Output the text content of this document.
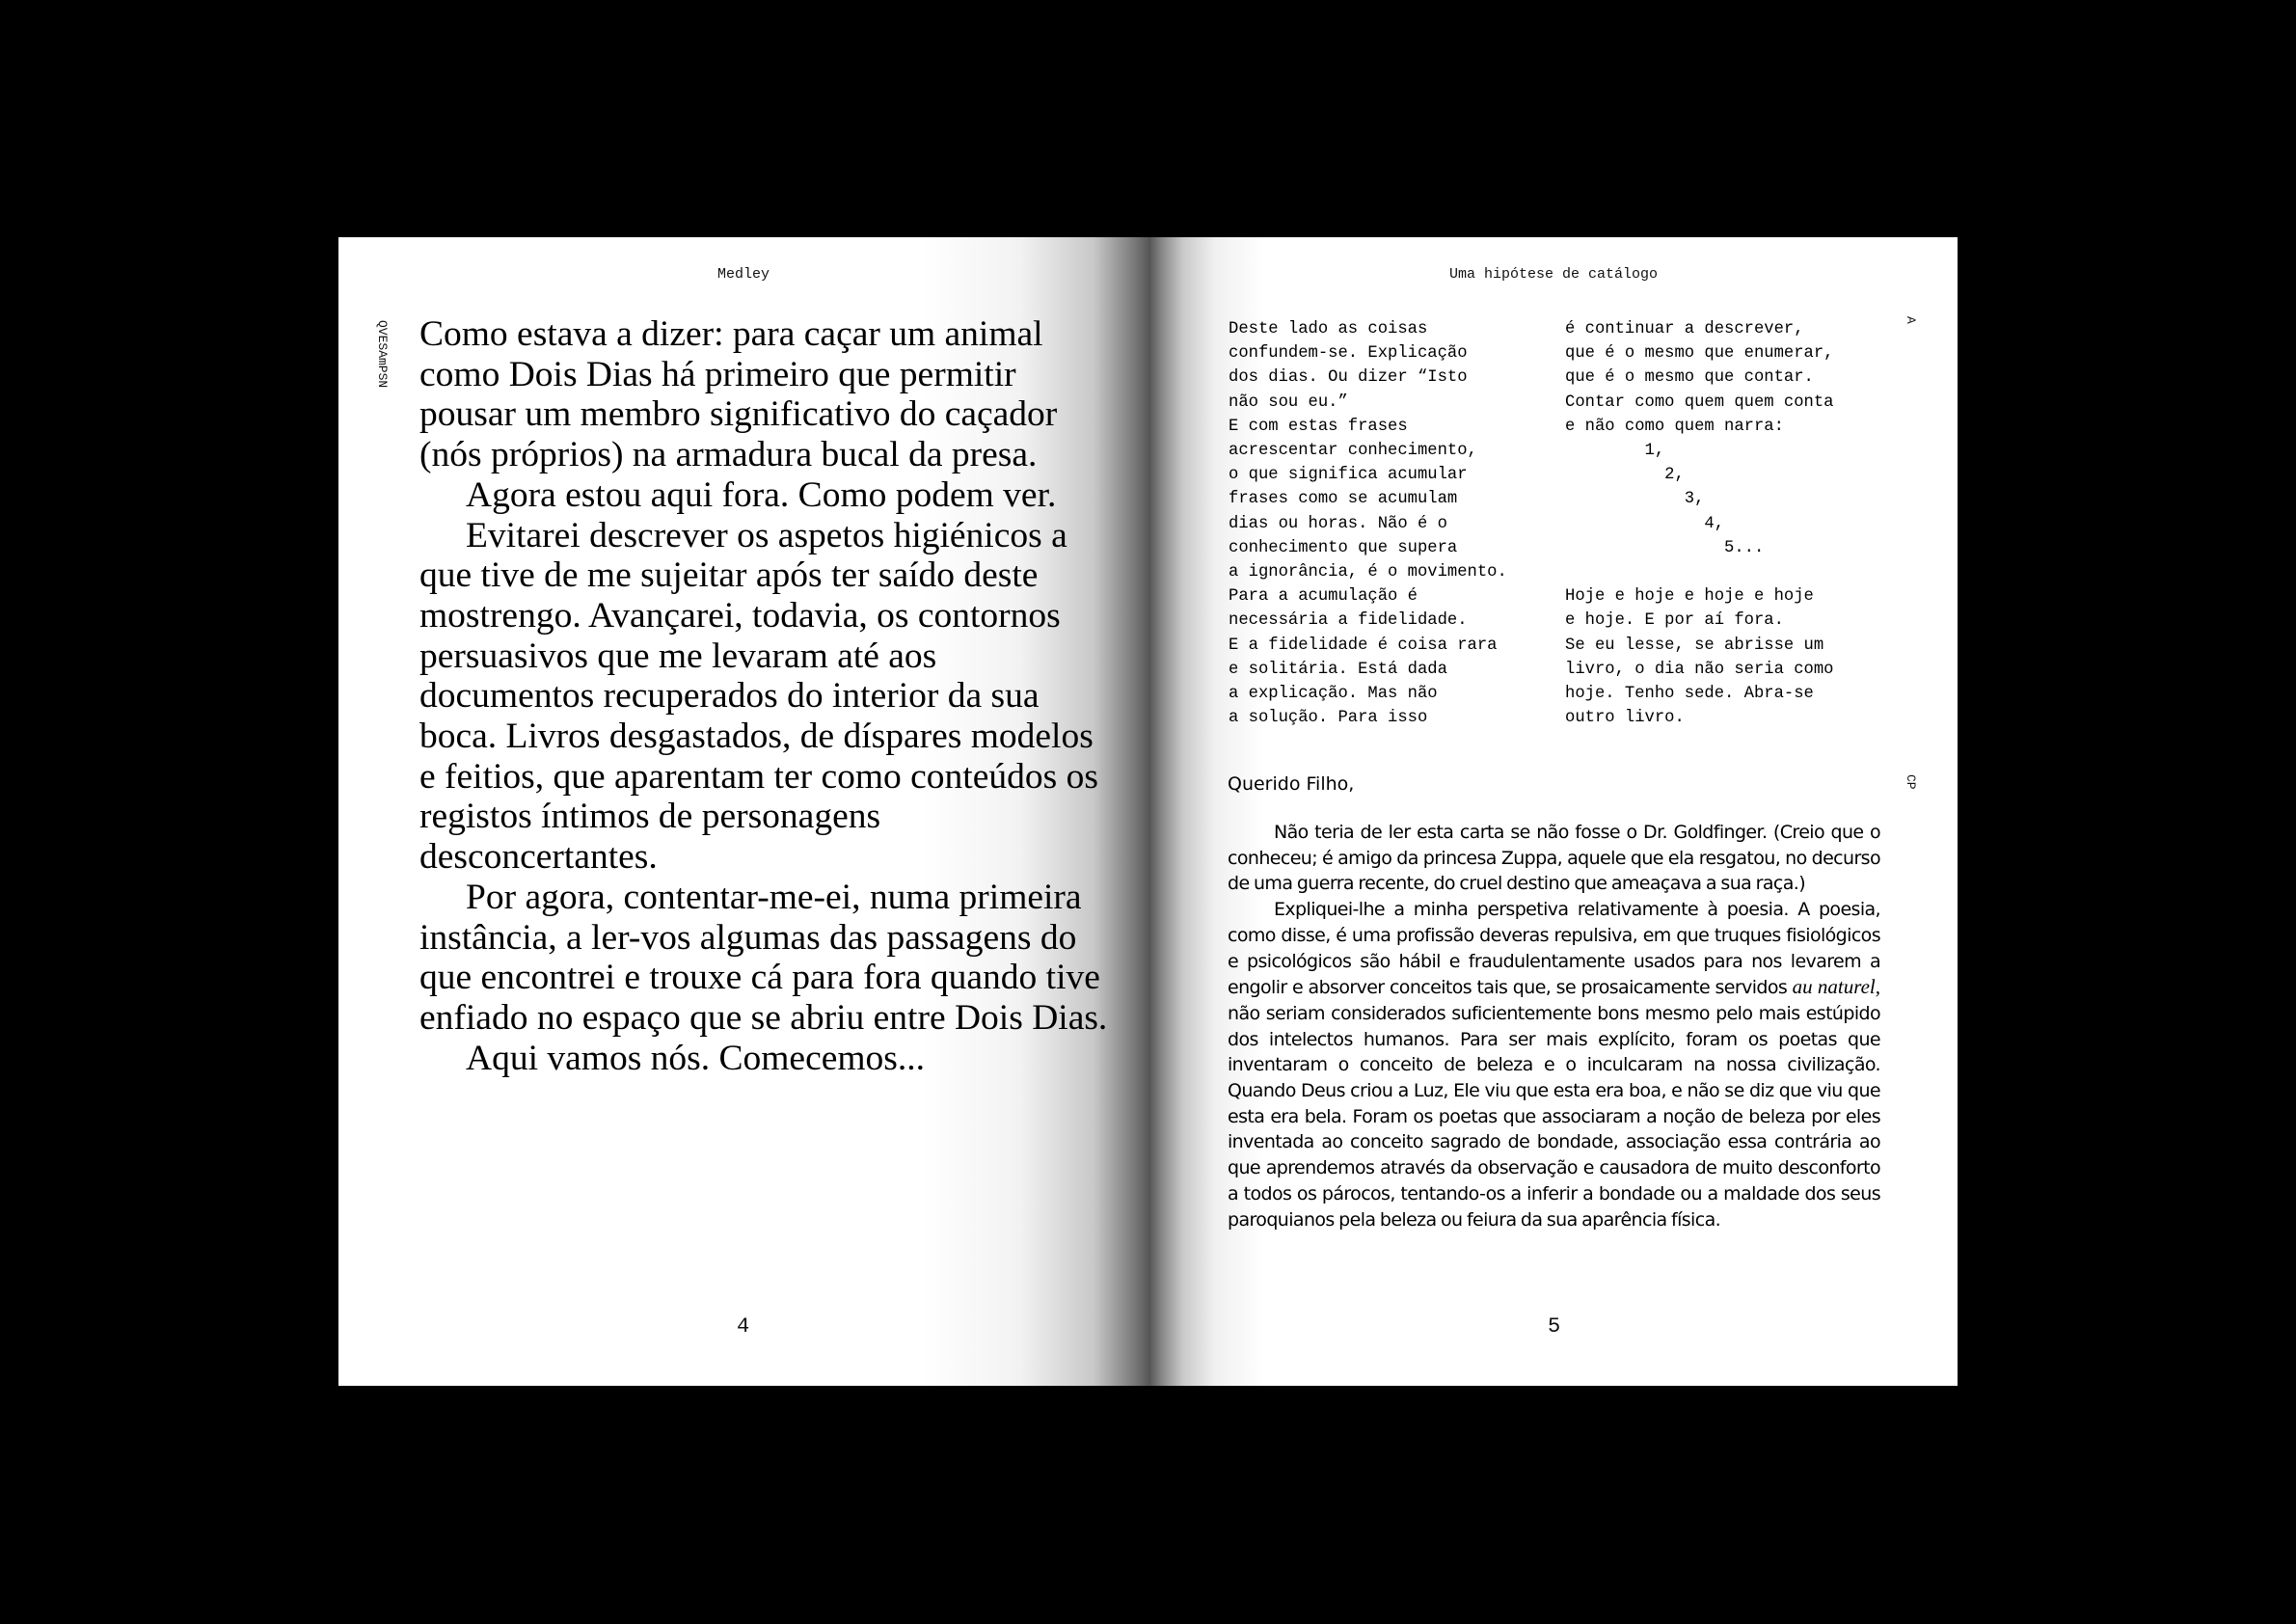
Medley
QVESAmPSN Como estava a dizer: para caçar um animal como Dois Dias há primeiro que permitir pousar um membro significativo do caçador (nós próprios) na armadura bucal da presa.

Agora estou aqui fora. Como podem ver.

Evitarei descrever os aspetos higiénicos a que tive de me sujeitar após ter saído deste mostrengo. Avançarei, todavia, os contornos persuasivos que me levaram até aos documentos recuperados do interior da sua boca. Livros desgastados, de díspares modelos e feitios, que aparentam ter como conteúdos os registos íntimos de personagens desconcertantes.

Por agora, contentar-me-ei, numa primeira instância, a ler-vos algumas das passagens do que encontrei e trouxe cá para fora quando tive enfiado no espaço que se abriu entre Dois Dias.

Aqui vamos nós. Comecemos...

4
Uma hipótese de catálogo
A
CP
Deste lado as coisas
confundem-se. Explicação
dos dias. Ou dizer “Isto
não sou eu.”
E com estas frases
acrescentar conhecimento,
o que significa acumular
frases como se acumulam
dias ou horas. Não é o
conhecimento que supera
a ignorância, é o movimento.
Para a acumulação é
necessária a fidelidade.
E a fidelidade é coisa rara
e solitária. Está dada
a explicação. Mas não
a solução. Para isso
é continuar a descrever,
que é o mesmo que enumerar,
que é o mesmo que contar.
Contar como quem quem conta
e não como quem narra:
1,
2,
3,
4,
5...

Hoje e hoje e hoje e hoje
e hoje. E por aí fora.
Se eu lesse, se abrisse um
livro, o dia não seria como
hoje. Tenho sede. Abra-se
outro livro.
Querido Filho,

Não teria de ler esta carta se não fosse o Dr. Goldfinger. (Creio que o conheceu; é amigo da princesa Zuppa, aquele que ela resgatou, no decurso de uma guerra recente, do cruel destino que ameaçava a sua raça.)

Expliquei-lhe a minha perspetiva relativamente à poesia. A poesia, como disse, é uma profissão deveras repulsiva, em que truques fisiológicos e psicológicos são hábil e fraudulentamente usados para nos levarem a engolir e absorver conceitos tais que, se prosaicamente servidos au naturel, não seriam considerados suficientemente bons mesmo pelo mais estúpido dos intelectos humanos. Para ser mais explícito, foram os poetas que inventaram o conceito de beleza e o inculcaram na nossa civilização. Quando Deus criou a Luz, Ele viu que esta era boa, e não se diz que viu que esta era bela. Foram os poetas que associaram a noção de beleza por eles inventada ao conceito sagrado de bondade, associação essa contrária ao que aprendemos através da observação e causadora de muito desconforto a todos os párocos, tentando-os a inferir a bondade ou a maldade dos seus paroquianos pela beleza ou feiura da sua aparência física.

5
